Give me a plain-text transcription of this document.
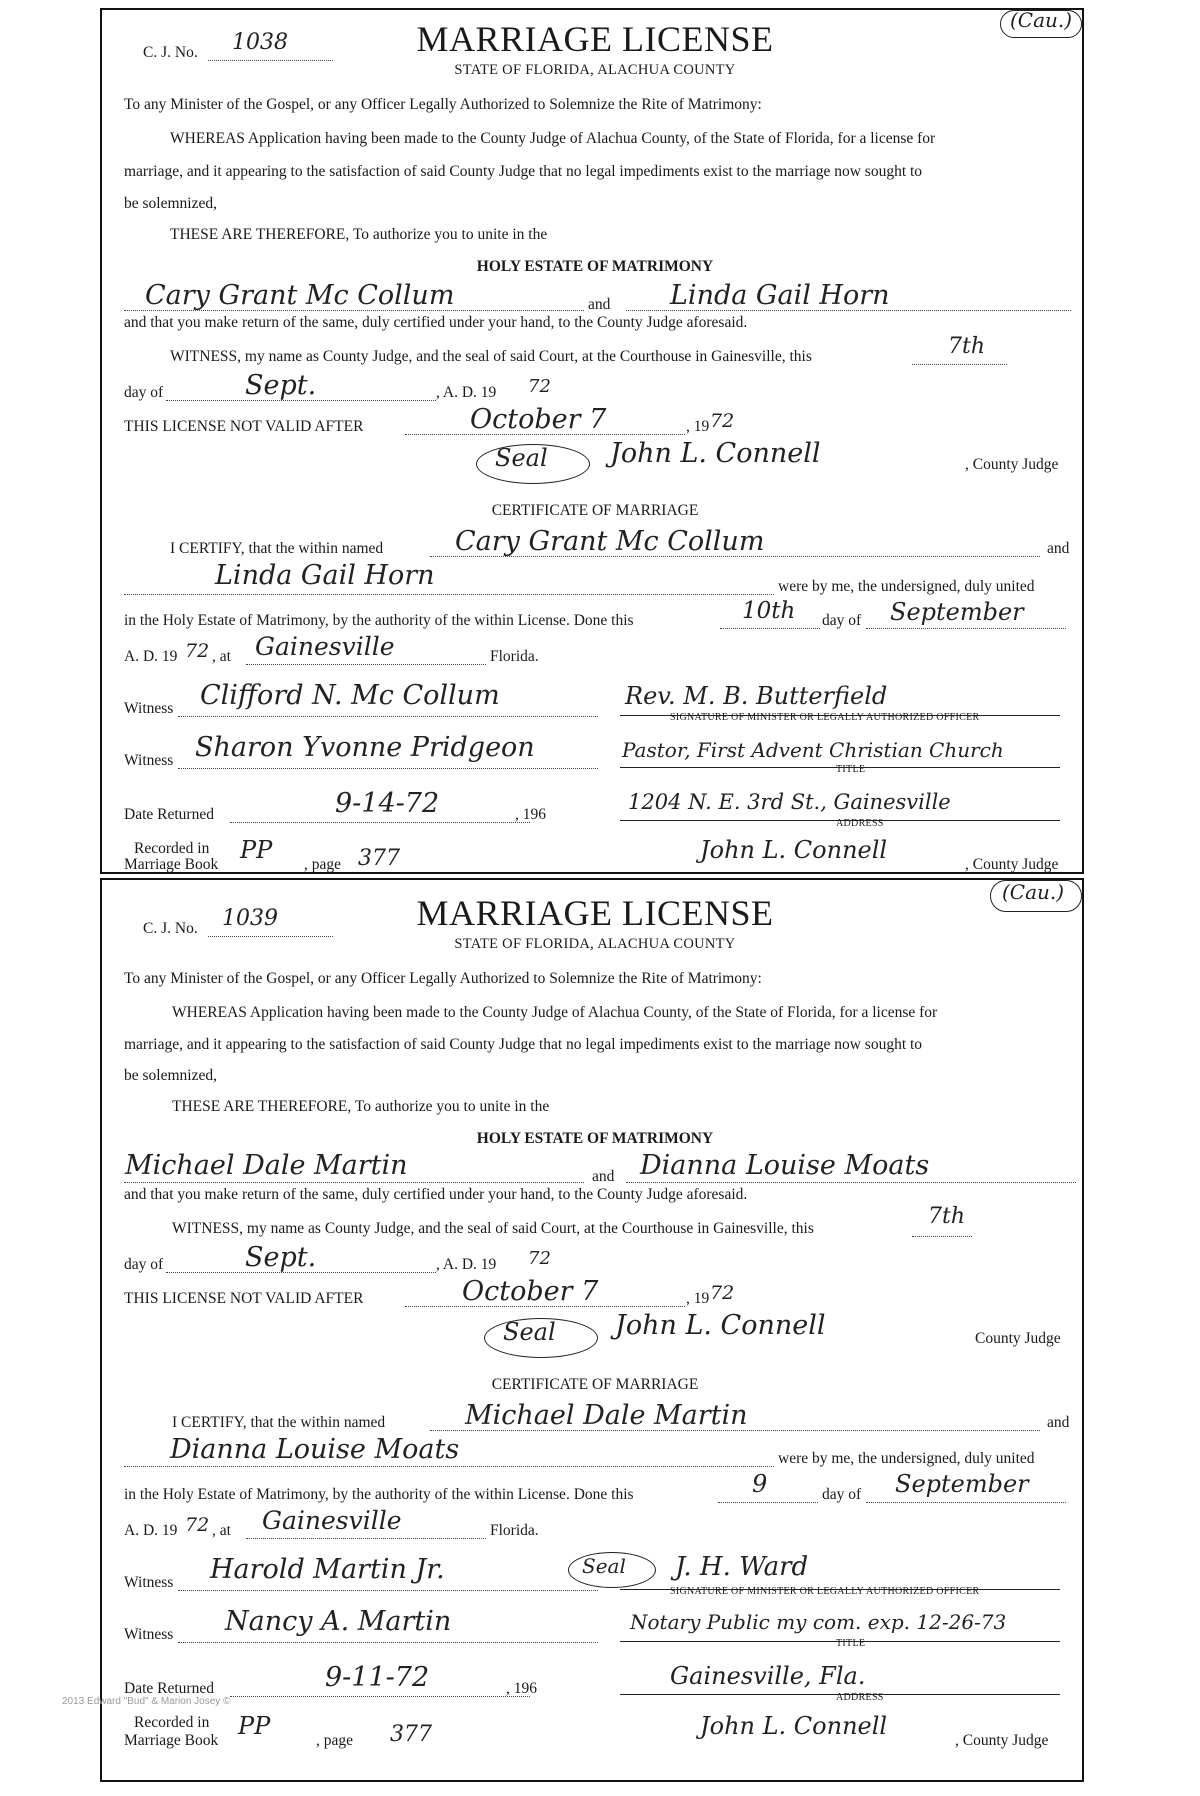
(Cau.)
C. J. No. 1038	MARRIAGE LICENSE
STATE OF FLORIDA, ALACHUA COUNTY
To any Minister of the Gospel, or any Officer Legally Authorized to Solemnize the Rite of Matrimony:
WHEREAS Application having been made to the County Judge of Alachua County, of the State of Florida, for a license for
marriage, and it appearing to the satisfaction of said County Judge that no legal impediments exist to the marriage now sought to
be solemnized,
THESE ARE THEREFORE, To authorize you to unite in the
HOLY ESTATE OF MATRIMONY
Cary Grant Mc Collum	and Linda Gail Horn
and that you make return of the same, duly certified under your hand, to the County Judge aforesaid.
WITNESS, my name as County Judge, and the seal of said Court, at the Courthouse in Gainesville, this	7th
day of	Sept.	, A. D. 19 72
THIS LICENSE NOT VALID AFTER	October 7	, 19 72
Seal John L. Connell	, County Judge
CERTIFICATE OF MARRIAGE
I CERTIFY, that the within named	Cary Grant Mc Collum	and
Linda Gail Horn	were by me, the undersigned, duly united
in the Holy Estate of Matrimony, by the authority of the within License. Done this	10th day of September
A. D. 19 72 , at Gainesville	Florida.
Witness Clifford N. Mc Collum	Rev. M. B. Butterfield
SIGNATURE OF MINISTER OR LEGALLY AUTHORIZED OFFICER
Witness Sharon Yvonne Pridgeon	Pastor, First Advent Christian Church
TITLE
Date Returned	9-14-72	, 196
1204 N. E. 3rd St., Gainesville
ADDRESS
Recorded in
Marriage Book
PP
, page 377	John L. Connell
, County Judge
(Cau.)
C. J. No. 1039	MARRIAGE LICENSE
STATE OF FLORIDA, ALACHUA COUNTY
To any Minister of the Gospel, or any Officer Legally Authorized to Solemnize the Rite of Matrimony:
WHEREAS Application having been made to the County Judge of Alachua County, of the State of Florida, for a license for
marriage, and it appearing to the satisfaction of said County Judge that no legal impediments exist to the marriage now sought to
be solemnized,
THESE ARE THEREFORE, To authorize you to unite in the
HOLY ESTATE OF MATRIMONY
Michael Dale Martin	and Dianna Louise Moats
and that you make return of the same, duly certified under your hand, to the County Judge aforesaid.
WITNESS, my name as County Judge, and the seal of said Court, at the Courthouse in Gainesville, this	7th
day of	Sept.	, A. D. 19 72
THIS LICENSE NOT VALID AFTER	October 7	, 19 72
Seal John L. Connell	County Judge
CERTIFICATE OF MARRIAGE
I CERTIFY, that the within named	Michael Dale Martin	and
Dianna Louise Moats	were by me, the undersigned, duly united
in the Holy Estate of Matrimony, by the authority of the within License. Done this	9	day of September
A. D. 19 72 , at Gainesville	Florida.
Witness Harold Martin Jr.	Seal J. H. Ward
SIGNATURE OF MINISTER OR LEGALLY AUTHORIZED OFFICER
Witness Nancy A. Martin	Notary Public my com. exp. 12-26-73
TITLE
Date Returned	9-11-72	, 196	Gainesville, Fla.
ADDRESS
Recorded in
Marriage Book
PP
, page 377	John L. Connell
, County Judge
2013 Edward "Bud" & Marion Josey ©
